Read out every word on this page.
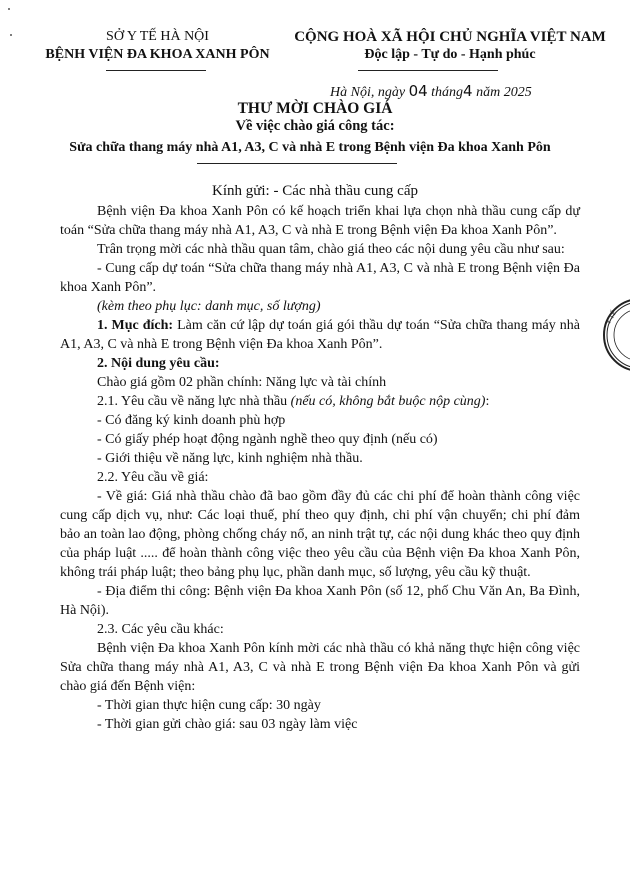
SỞ Y TẾ HÀ NỘI
BỆNH VIỆN ĐA KHOA XANH PÔN
CỘNG HOÀ XÃ HỘI CHỦ NGHĨA VIỆT NAM
Độc lập - Tự do - Hạnh phúc
Hà Nội, ngày 04 tháng4 năm 2025
THƯ MỜI CHÀO GIÁ
Về việc chào giá công tác:
Sửa chữa thang máy nhà A1, A3, C và nhà E trong Bệnh viện Đa khoa Xanh Pôn
Kính gửi: - Các nhà thầu cung cấp

Bệnh viện Đa khoa Xanh Pôn có kế hoạch triển khai lựa chọn nhà thầu cung cấp dự toán “Sửa chữa thang máy nhà A1, A3, C và nhà E trong Bệnh viện Đa khoa Xanh Pôn”.

Trân trọng mời các nhà thầu quan tâm, chào giá theo các nội dung yêu cầu như sau:

- Cung cấp dự toán “Sửa chữa thang máy nhà A1, A3, C và nhà E trong Bệnh viện Đa khoa Xanh Pôn”.

(kèm theo phụ lục: danh mục, số lượng)

1. Mục đích: Làm căn cứ lập dự toán giá gói thầu dự toán “Sửa chữa thang máy nhà A1, A3, C và nhà E trong Bệnh viện Đa khoa Xanh Pôn”.

2. Nội dung yêu cầu:

Chào giá gồm 02 phần chính: Năng lực và tài chính

2.1. Yêu cầu về năng lực nhà thầu (nếu có, không bắt buộc nộp cùng):

- Có đăng ký kinh doanh phù hợp

- Có giấy phép hoạt động ngành nghề theo quy định (nếu có)

- Giới thiệu về năng lực, kinh nghiệm nhà thầu.

2.2. Yêu cầu về giá:

- Về giá: Giá nhà thầu chào đã bao gồm đầy đủ các chi phí để hoàn thành công việc cung cấp dịch vụ, như: Các loại thuế, phí theo quy định, chi phí vận chuyển; chi phí đảm bảo an toàn lao động, phòng chống cháy nổ, an ninh trật tự, các nội dung khác theo quy định của pháp luật ..... để hoàn thành công việc theo yêu cầu của Bệnh viện Đa khoa Xanh Pôn, không trái pháp luật; theo bảng phụ lục, phần danh mục, số lượng, yêu cầu kỹ thuật.

- Địa điểm thi công: Bệnh viện Đa khoa Xanh Pôn (số 12, phố Chu Văn An, Ba Đình, Hà Nội).

2.3. Các yêu cầu khác:

Bệnh viện Đa khoa Xanh Pôn kính mời các nhà thầu có khả năng thực hiện công việc Sửa chữa thang máy nhà A1, A3, C và nhà E trong Bệnh viện Đa khoa Xanh Pôn và gửi chào giá đến Bệnh viện:

- Thời gian thực hiện cung cấp: 30 ngày

- Thời gian gửi chào giá: sau 03 ngày làm việc

Y TẾ
